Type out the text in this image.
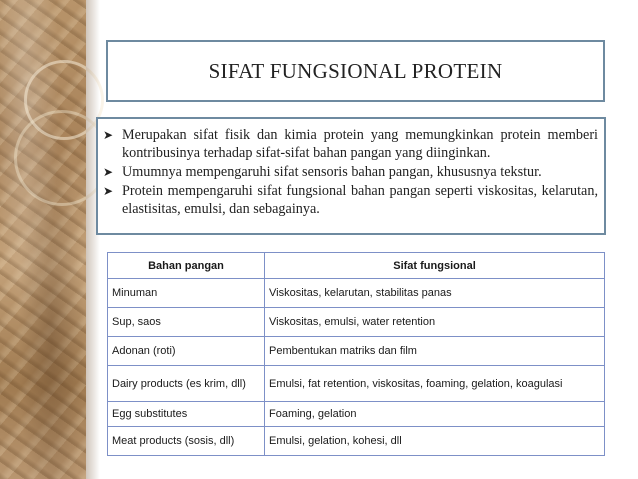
SIFAT FUNGSIONAL PROTEIN
➤ Merupakan sifat fisik dan kimia protein yang memungkinkan protein memberi kontribusinya terhadap sifat-sifat bahan pangan yang diinginkan.
➤ Umumnya mempengaruhi sifat sensoris bahan pangan, khususnya tekstur.
➤ Protein mempengaruhi sifat fungsional bahan pangan seperti viskositas, kelarutan, elastisitas, emulsi, dan sebagainya.
Bahan pangan	Sifat fungsional
Minuman	Viskositas, kelarutan, stabilitas panas
Sup, saos	Viskositas, emulsi, water retention
Adonan (roti)	Pembentukan matriks dan film
Dairy products (es krim, dll)	Emulsi, fat retention, viskositas, foaming, gelation, koagulasi
Egg substitutes	Foaming, gelation
Meat products (sosis, dll)	Emulsi, gelation, kohesi, dll
